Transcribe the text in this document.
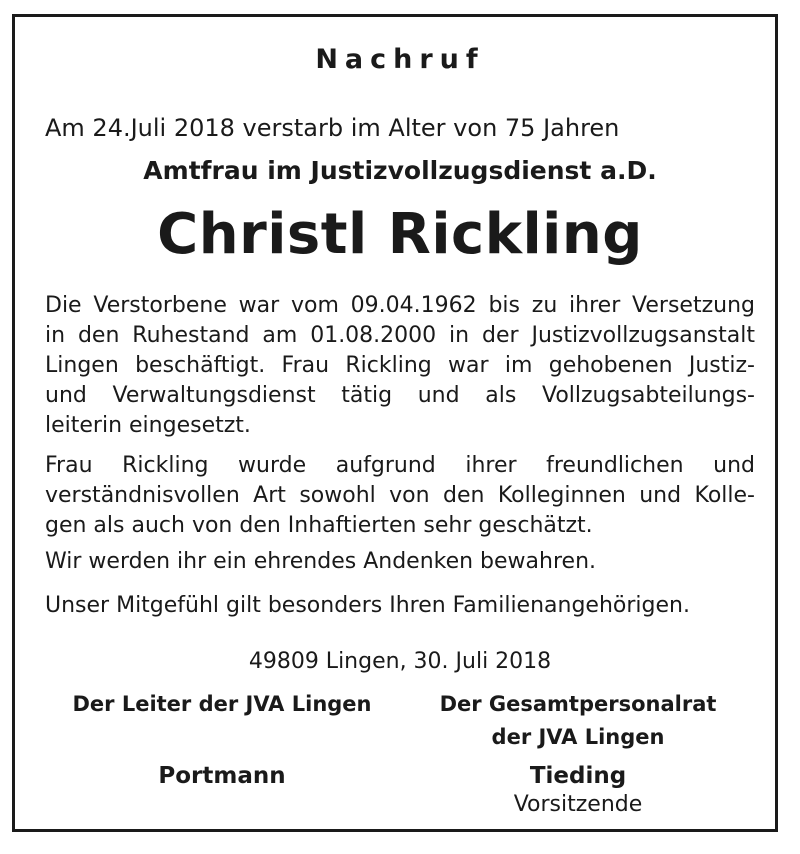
Nachruf
Am 24.Juli 2018 verstarb im Alter von 75 Jahren
Amtfrau im Justizvollzugsdienst a.D.
Christl Rickling
Die Verstorbene war vom 09.04.1962 bis zu ihrer Versetzung
in den Ruhestand am 01.08.2000 in der Justizvollzugsanstalt
Lingen beschäftigt. Frau Rickling war im gehobenen Justiz-
und Verwaltungsdienst tätig und als Vollzugsabteilungs-
leiterin eingesetzt.
Frau Rickling wurde aufgrund ihrer freundlichen und
verständnisvollen Art sowohl von den Kolleginnen und Kolle-
gen als auch von den Inhaftierten sehr geschätzt.
Wir werden ihr ein ehrendes Andenken bewahren.
Unser Mitgefühl gilt besonders Ihren Familienangehörigen.
49809 Lingen, 30. Juli 2018
Der Leiter der JVA Lingen
Portmann
Der Gesamtpersonalrat
der JVA Lingen
Tieding
Vorsitzende
